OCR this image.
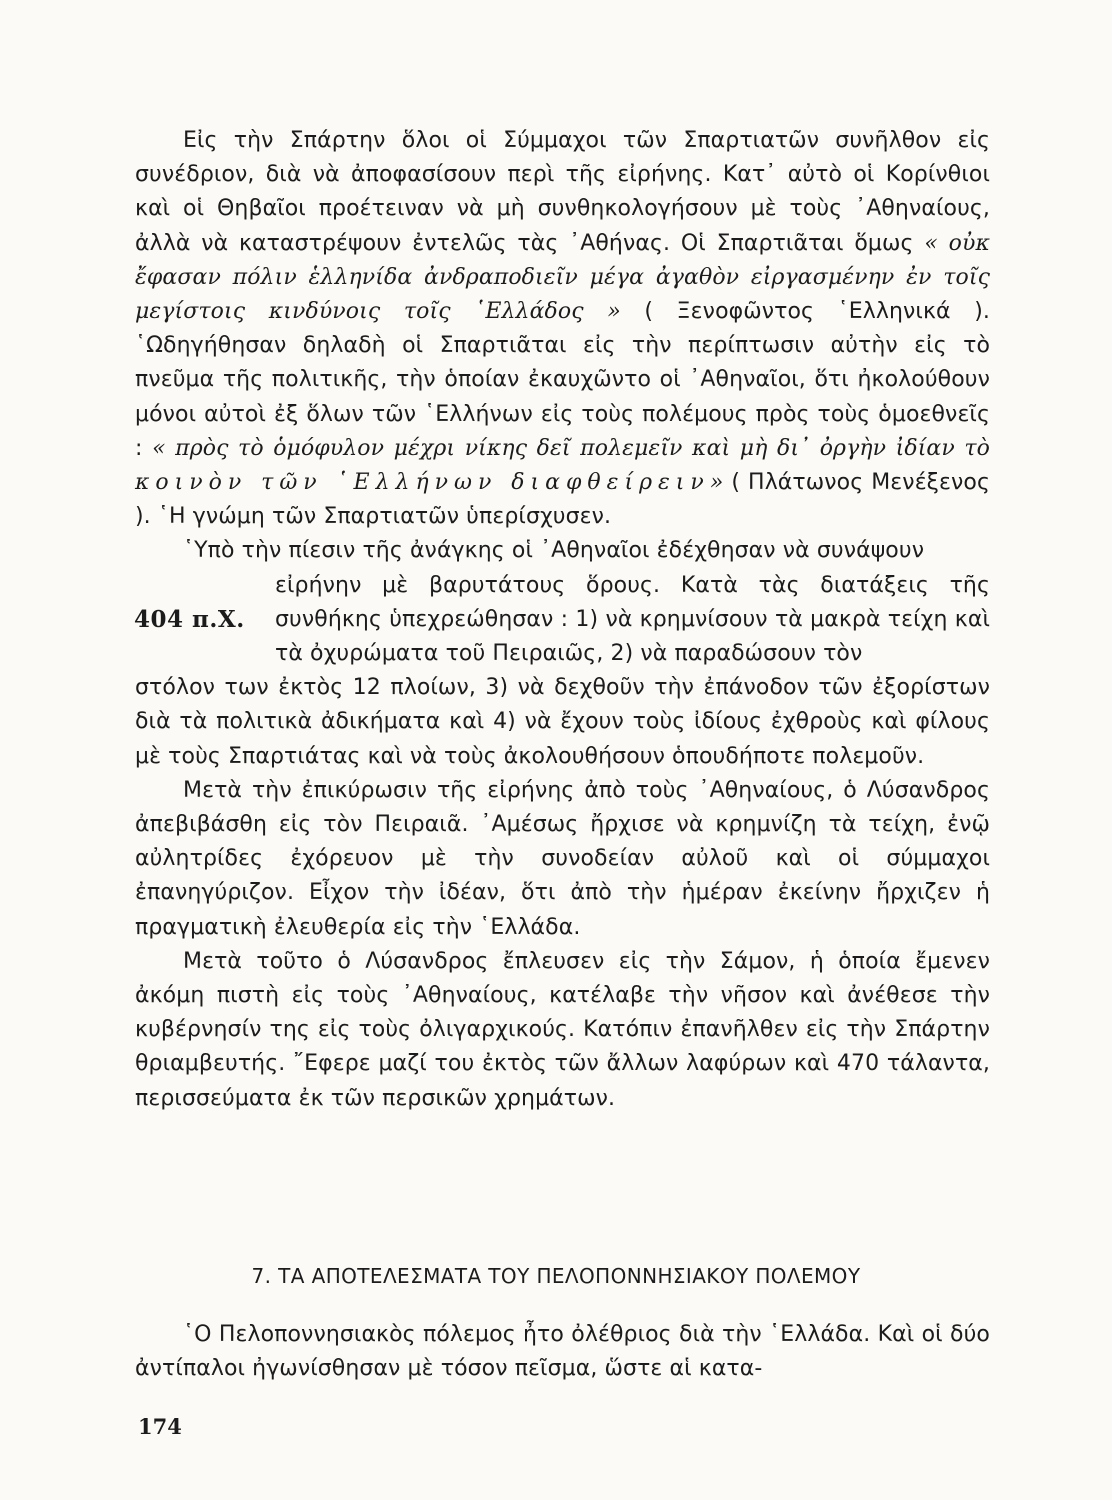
Εἰς τὴν Σπάρτην ὅλοι οἱ Σύμμαχοι τῶν Σπαρτιατῶν συνῆλθον εἰς συνέδριον, διὰ νὰ ἀποφασίσουν περὶ τῆς εἰρήνης. Κατ᾽ αὐτὸ οἱ Κορίνθιοι καὶ οἱ Θηβαῖοι προέτειναν νὰ μὴ συνθηκολογήσουν μὲ τοὺς ᾽Αθηναίους, ἀλλὰ νὰ καταστρέψουν ἐντελῶς τὰς ᾽Αθήνας. Οἱ Σπαρτιᾶται ὅμως « οὐκ ἔφασαν πόλιν ἑλληνίδα ἀνδραποδιεῖν μέγα ἀγαθὸν εἰργασμένην ἐν τοῖς μεγίστοις κινδύνοις τοῖς ῾Ελλάδος » ( Ξενοφῶντος ῾Ελληνικά ). ῾Ωδηγήθησαν δηλαδὴ οἱ Σπαρτιᾶται εἰς τὴν περίπτωσιν αὐτὴν εἰς τὸ πνεῦμα τῆς πολιτικῆς, τὴν ὁποίαν ἐκαυχῶντο οἱ ᾽Αθηναῖοι, ὅτι ἠκολούθουν μόνοι αὐτοὶ ἐξ ὅλων τῶν ῾Ελλήνων εἰς τοὺς πολέμους πρὸς τοὺς ὁμοεθνεῖς : « πρὸς τὸ ὁμόφυλον μέχρι νίκης δεῖ πολεμεῖν καὶ μὴ δι᾽ ὀργὴν ἰδίαν τὸ κοινὸν τῶν ῾Ελλήνων διαφθείρειν» ( Πλάτωνος Μενέξενος ). ῾Η γνώμη τῶν Σπαρτιατῶν ὑπερίσχυσεν.

῾Υπὸ τὴν πίεσιν τῆς ἀνάγκης οἱ ᾽Αθηναῖοι ἐδέχθησαν νὰ συνάψουν

404 π.Χ.

εἰρήνην μὲ βαρυτάτους ὅρους. Κατὰ τὰς διατάξεις τῆς συνθήκης ὑπεχρεώθησαν : 1) νὰ κρημνίσουν τὰ μακρὰ τείχη καὶ τὰ ὀχυρώματα τοῦ Πειραιῶς, 2) νὰ παραδώσουν τὸν

στόλον των ἐκτὸς 12 πλοίων, 3) νὰ δεχθοῦν τὴν ἐπάνοδον τῶν ἐξορίστων διὰ τὰ πολιτικὰ ἀδικήματα καὶ 4) νὰ ἔχουν τοὺς ἰδίους ἐχθροὺς καὶ φίλους μὲ τοὺς Σπαρτιάτας καὶ νὰ τοὺς ἀκολουθήσουν ὁπουδήποτε πολεμοῦν.

Μετὰ τὴν ἐπικύρωσιν τῆς εἰρήνης ἀπὸ τοὺς ᾽Αθηναίους, ὁ Λύσανδρος ἀπεβιβάσθη εἰς τὸν Πειραιᾶ. ᾽Αμέσως ἤρχισε νὰ κρημνίζη τὰ τείχη, ἐνῷ αὐλητρίδες ἐχόρευον μὲ τὴν συνοδείαν αὐλοῦ καὶ οἱ σύμμαχοι ἐπανηγύριζον. Εἶχον τὴν ἰδέαν, ὅτι ἀπὸ τὴν ἡμέραν ἐκείνην ἤρχιζεν ἡ πραγματικὴ ἐλευθερία εἰς τὴν ῾Ελλάδα.

Μετὰ τοῦτο ὁ Λύσανδρος ἔπλευσεν εἰς τὴν Σάμον, ἡ ὁποία ἔμενεν ἀκόμη πιστὴ εἰς τοὺς ᾽Αθηναίους, κατέλαβε τὴν νῆσον καὶ ἀνέθεσε τὴν κυβέρνησίν της εἰς τοὺς ὀλιγαρχικούς. Κατόπιν ἐπανῆλθεν εἰς τὴν Σπάρτην θριαμβευτής. ῎Εφερε μαζί του ἐκτὸς τῶν ἄλλων λαφύρων καὶ 470 τάλαντα, περισσεύματα ἐκ τῶν περσικῶν χρημάτων.

7. ΤΑ ΑΠΟΤΕΛΕΣΜΑΤΑ ΤΟΥ ΠΕΛΟΠΟΝΝΗΣΙΑΚΟΥ ΠΟΛΕΜΟΥ

῾Ο Πελοποννησιακὸς πόλεμος ἦτο ὀλέθριος διὰ τὴν ῾Ελλάδα. Καὶ οἱ δύο ἀντίπαλοι ἠγωνίσθησαν μὲ τόσον πεῖσμα, ὥστε αἱ κατα-

174
